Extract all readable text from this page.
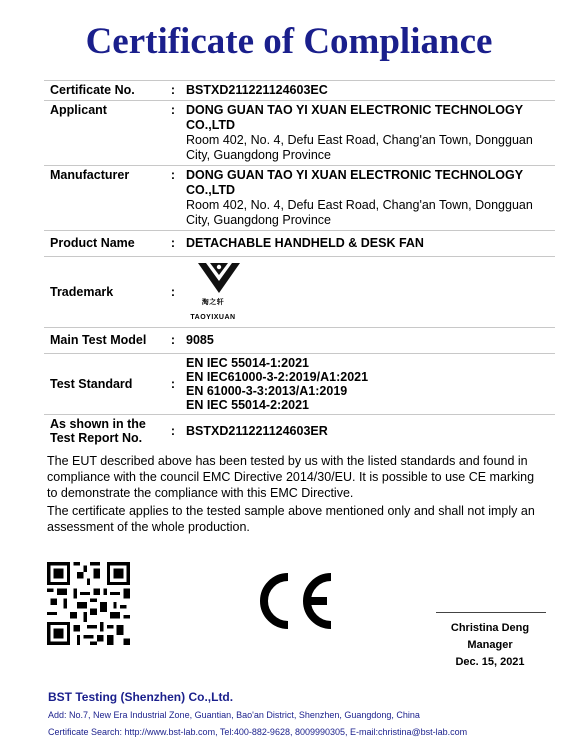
Certificate of Compliance
Certificate No.	:	BSTXD211221124603EC
Applicant	:	DONG GUAN TAO YI XUAN ELECTRONIC TECHNOLOGY CO.,LTD
Room 402, No. 4, Defu East Road, Chang'an Town, Dongguan City, Guangdong Province

Manufacturer	:	DONG GUAN TAO YI XUAN ELECTRONIC TECHNOLOGY CO.,LTD
Room 402, No. 4, Defu East Road, Chang'an Town, Dongguan City, Guangdong Province

Product Name	:	DETACHABLE HANDHELD & DESK FAN
Trademark	:	淘之轩
TAOYIXUAN

Main Test Model	:	9085
Test Standard	:	EN IEC 55014-1:2021
EN IEC61000-3-2:2019/A1:2021
EN 61000-3-3:2013/A1:2019
EN IEC 55014-2:2021

As shown in the Test Report No.	:	BSTXD211221124603ER
The EUT described above has been tested by us with the listed standards and found in compliance with the council EMC Directive 2014/30/EU. It is possible to use CE marking to demonstrate the compliance with this EMC Directive.
The certificate applies to the tested sample above mentioned only and shall not imply an assessment of the whole production.
Christina Deng
Manager
Dec. 15, 2021
BST Testing (Shenzhen) Co.,Ltd.
Add: No.7, New Era Industrial Zone, Guantian, Bao'an District, Shenzhen, Guangdong, China
Certificate Search: http://www.bst-lab.com, Tel:400-882-9628, 8009990305, E-mail:christina@bst-lab.com
